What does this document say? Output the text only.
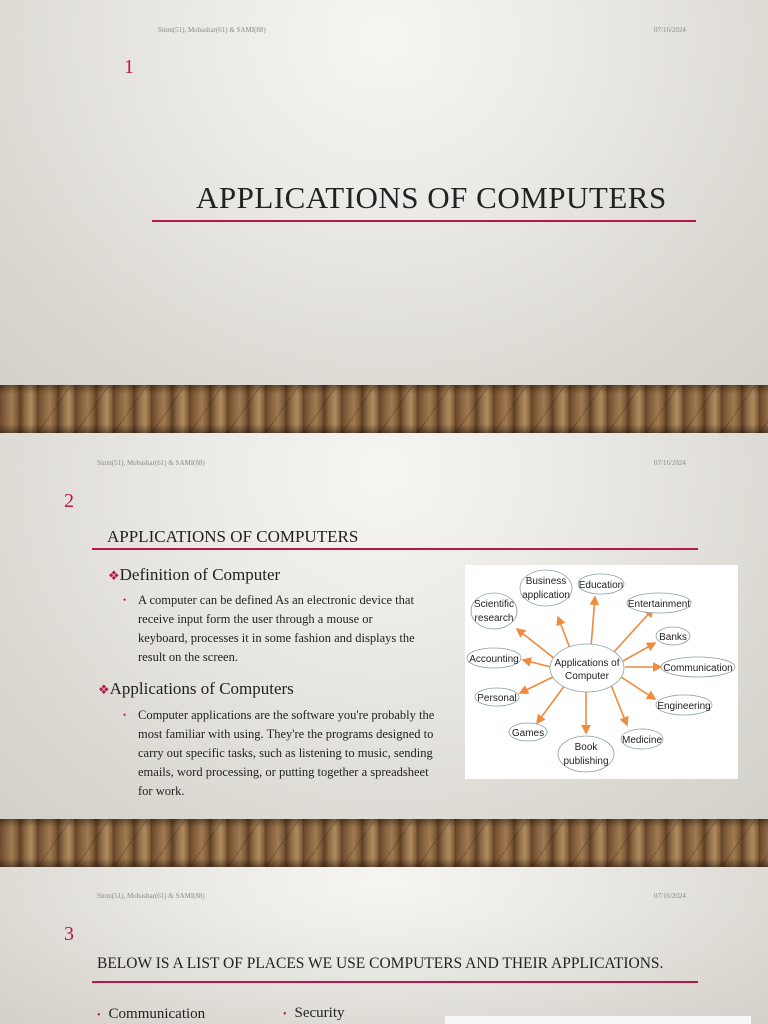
Sinm(51), Mobashar(61) & SAMI(88)	07/16/2024
1
APPLICATIONS OF COMPUTERS
Sinm(51), Mobashar(61) & SAMI(88)	07/16/2024
2
APPLICATIONS OF COMPUTERS
❖Definition of Computer
• A computer can be defined As an electronic device that
receive input form the user through a mouse or
keyboard, processes it in some fashion and displays the
result on the screen.
❖Applications of Computers
• Computer applications are the software you're probably the
most familiar with using. They're the programs designed to
carry out specific tasks, such as listening to music, sending
emails, word processing, or putting together a spreadsheet
for work.
Applications of
Computer
Business
application
Education
Entertainment
Scientific
research
Banks
Accounting
Communication
Personal
Engineering
Games
Medicine
Book
publishing
Sinm(51), Mobashar(61) & SAMI(88)	07/16/2024
3
BELOW IS A LIST OF PLACES WE USE COMPUTERS AND THEIR APPLICATIONS.
• Communication	• Security
